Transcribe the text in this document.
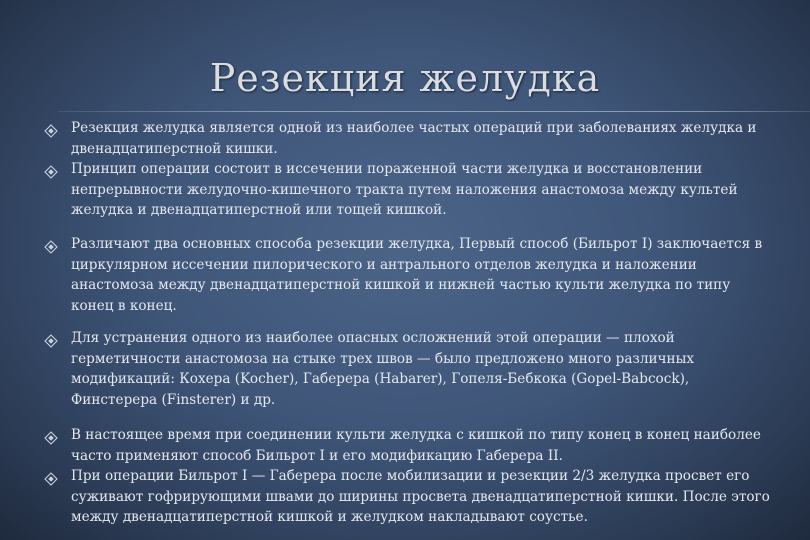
Резекция желудка

Резекция желудка является одной из наиболее частых операций при заболеваниях желудка и двенадцатиперстной кишки.

Принцип операции состоит в иссечении пораженной части желудка и восстановлении непрерывности желудочно-кишечного тракта путем наложения анастомоза между культей желудка и двенадцатиперстной или тощей кишкой.

Различают два основных способа резекции желудка, Первый способ (Бильрот I) заключается в циркулярном иссечении пилорического и антрального отделов желудка и наложении анастомоза между двенадцатиперстной кишкой и нижней частью культи желудка по типу конец в конец.

Для устранения одного из наиболее опасных осложнений этой операции — плохой герметичности анастомоза на стыке трех швов — было предложено много различных модификаций: Кохера (Kocher), Габерера (Habarer), Гопеля-Бебкока (Gopel-Babcock), Финстерера (Finsterer) и др.

В настоящее время при соединении культи желудка с кишкой по типу конец в конец наиболее часто применяют способ Бильрот I и его модификацию Габерера II.

При операции Бильрот I — Габерера после мобилизации и резекции 2/3 желудка просвет его суживают гофрирующими швами до ширины просвета двенадцатиперстной кишки. После этого между двенадцатиперстной кишкой и желудком накладывают соустье.
